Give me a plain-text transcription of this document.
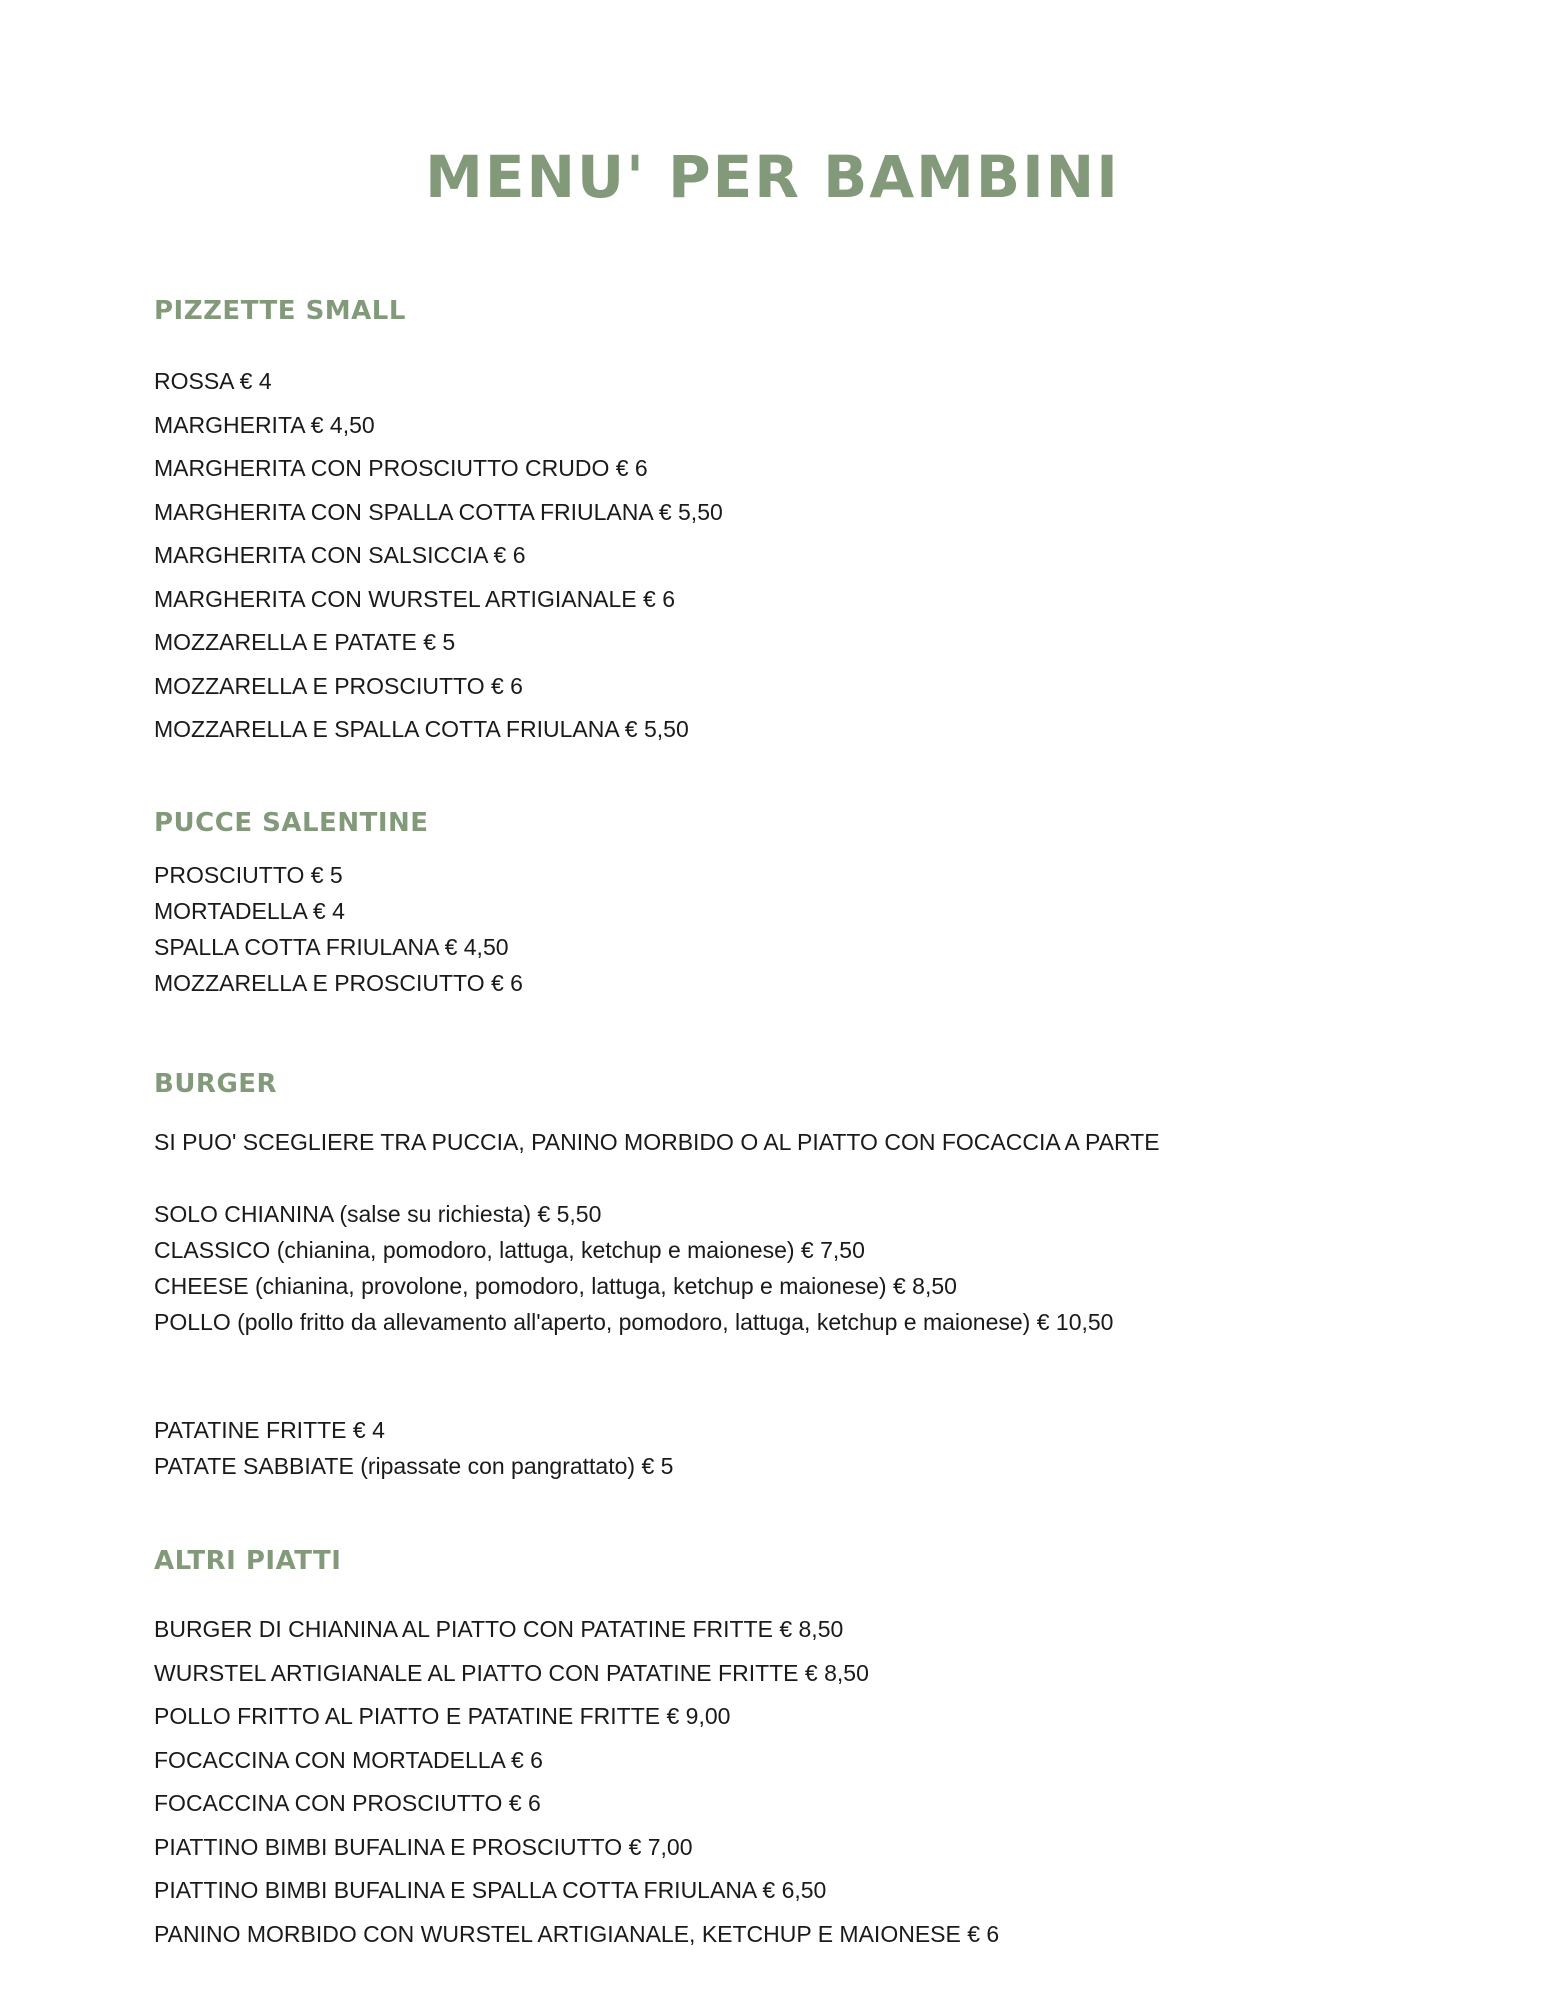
MENU' PER BAMBINI
PIZZETTE SMALL
ROSSA € 4
MARGHERITA € 4,50
MARGHERITA CON PROSCIUTTO CRUDO € 6
MARGHERITA CON SPALLA COTTA FRIULANA € 5,50
MARGHERITA CON SALSICCIA € 6
MARGHERITA CON WURSTEL ARTIGIANALE € 6
MOZZARELLA E PATATE € 5
MOZZARELLA E PROSCIUTTO € 6
MOZZARELLA E SPALLA COTTA FRIULANA € 5,50
PUCCE SALENTINE
PROSCIUTTO € 5
MORTADELLA € 4
SPALLA COTTA FRIULANA € 4,50
MOZZARELLA E PROSCIUTTO € 6
BURGER

SI PUO' SCEGLIERE TRA PUCCIA, PANINO MORBIDO O AL PIATTO CON FOCACCIA A PARTE

SOLO CHIANINA (salse su richiesta) € 5,50
CLASSICO (chianina, pomodoro, lattuga, ketchup e maionese) € 7,50
CHEESE (chianina, provolone, pomodoro, lattuga, ketchup e maionese) € 8,50
POLLO (pollo fritto da allevamento all'aperto, pomodoro, lattuga, ketchup e maionese) € 10,50
PATATINE FRITTE € 4
PATATE SABBIATE (ripassate con pangrattato) € 5
ALTRI PIATTI
BURGER DI CHIANINA AL PIATTO CON PATATINE FRITTE € 8,50
WURSTEL ARTIGIANALE AL PIATTO CON PATATINE FRITTE € 8,50
POLLO FRITTO AL PIATTO E PATATINE FRITTE € 9,00
FOCACCINA CON MORTADELLA € 6
FOCACCINA CON PROSCIUTTO € 6
PIATTINO BIMBI BUFALINA E PROSCIUTTO € 7,00
PIATTINO BIMBI BUFALINA E SPALLA COTTA FRIULANA € 6,50
PANINO MORBIDO CON WURSTEL ARTIGIANALE, KETCHUP E MAIONESE € 6
